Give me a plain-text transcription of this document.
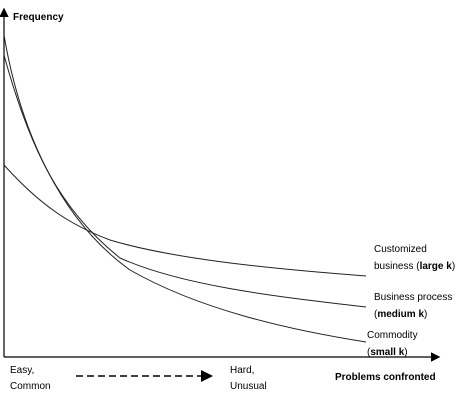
Frequency
Problems confronted
Customized
business (large k)
Business process
(medium k)
Commodity
(small k)
Easy,
Common
Hard,
Unusual
